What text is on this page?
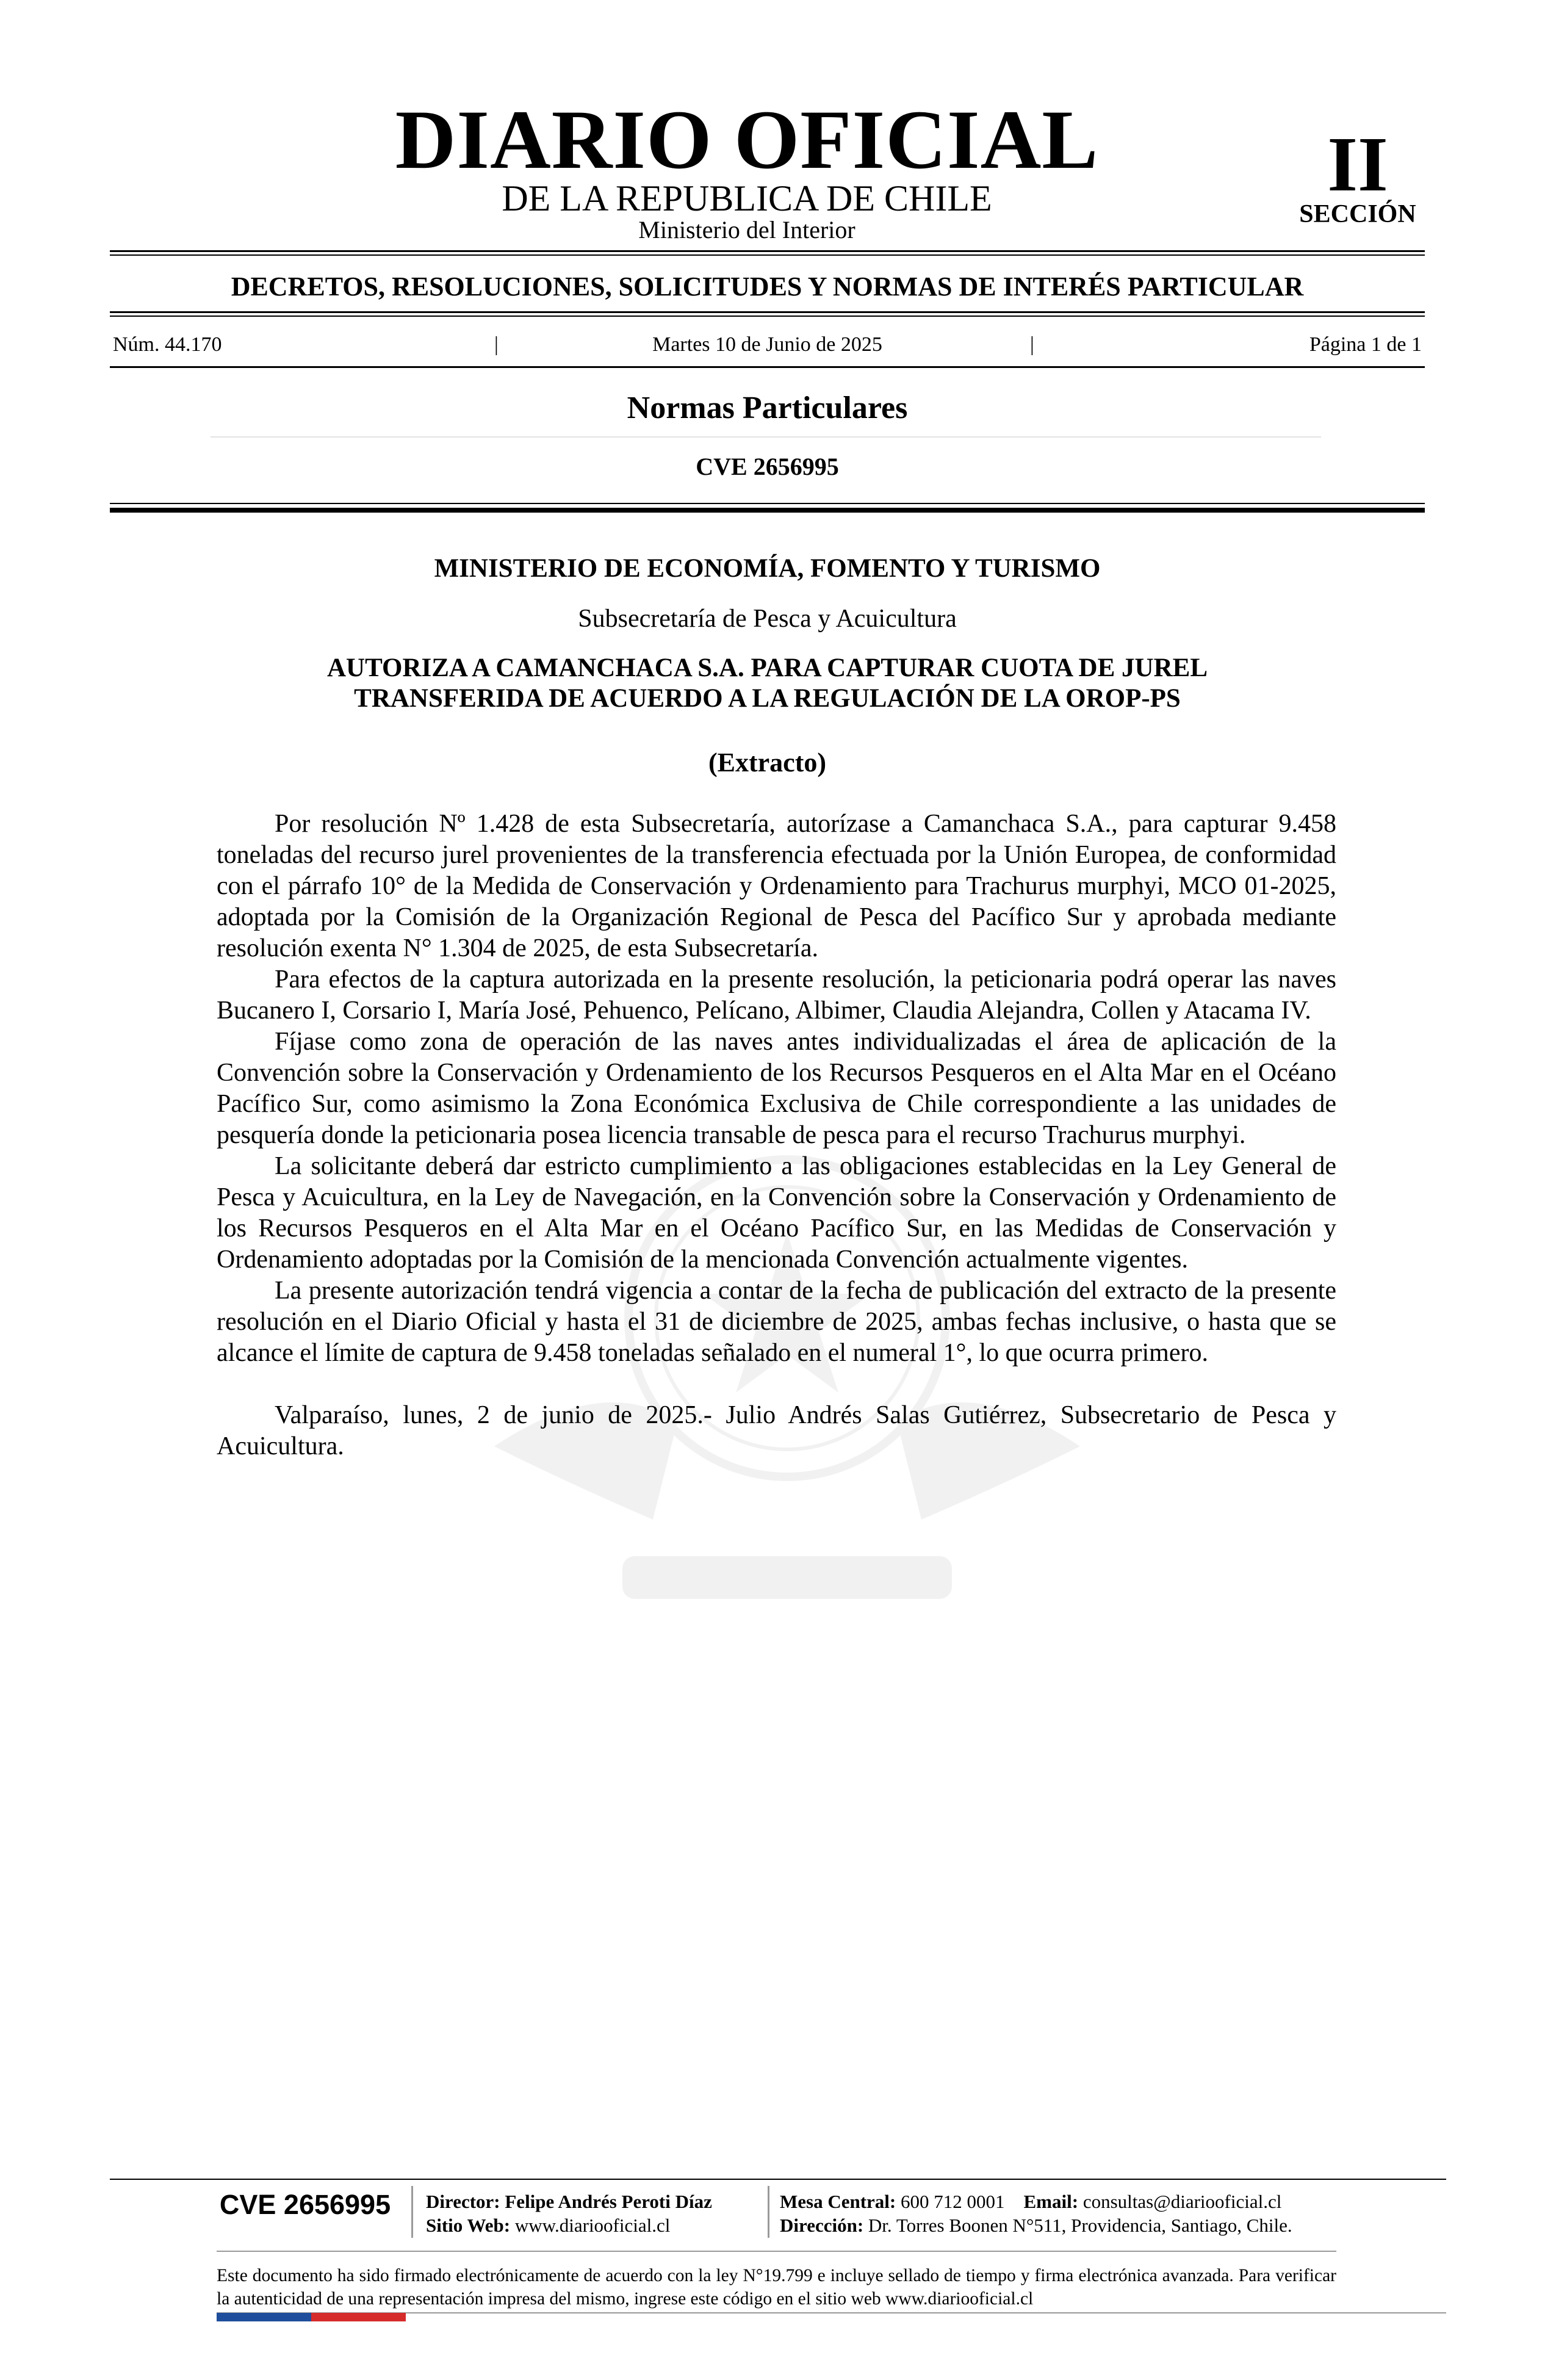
DIARIO OFICIAL
DE LA REPUBLICA DE CHILE
Ministerio del Interior
II
SECCIÓN
DECRETOS, RESOLUCIONES, SOLICITUDES Y NORMAS DE INTERÉS PARTICULAR
Núm. 44.170	|	Martes 10 de Junio de 2025	|	Página 1 de 1
Normas Particulares
CVE 2656995
MINISTERIO DE ECONOMÍA, FOMENTO Y TURISMO
Subsecretaría de Pesca y Acuicultura
AUTORIZA A CAMANCHACA S.A. PARA CAPTURAR CUOTA DE JUREL
TRANSFERIDA DE ACUERDO A LA REGULACIÓN DE LA OROP-PS
(Extracto)

Por resolución Nº 1.428 de esta Subsecretaría, autorízase a Camanchaca S.A., para capturar 9.458 toneladas del recurso jurel provenientes de la transferencia efectuada por la Unión Europea, de conformidad con el párrafo 10° de la Medida de Conservación y Ordenamiento para Trachurus murphyi, MCO 01-2025, adoptada por la Comisión de la Organización Regional de Pesca del Pacífico Sur y aprobada mediante resolución exenta N° 1.304 de 2025, de esta Subsecretaría.

Para efectos de la captura autorizada en la presente resolución, la peticionaria podrá operar las naves Bucanero I, Corsario I, María José, Pehuenco, Pelícano, Albimer, Claudia Alejandra, Collen y Atacama IV.

Fíjase como zona de operación de las naves antes individualizadas el área de aplicación de la Convención sobre la Conservación y Ordenamiento de los Recursos Pesqueros en el Alta Mar en el Océano Pacífico Sur, como asimismo la Zona Económica Exclusiva de Chile correspondiente a las unidades de pesquería donde la peticionaria posea licencia transable de pesca para el recurso Trachurus murphyi.

La solicitante deberá dar estricto cumplimiento a las obligaciones establecidas en la Ley General de Pesca y Acuicultura, en la Ley de Navegación, en la Convención sobre la Conservación y Ordenamiento de los Recursos Pesqueros en el Alta Mar en el Océano Pacífico Sur, en las Medidas de Conservación y Ordenamiento adoptadas por la Comisión de la mencionada Convención actualmente vigentes.

La presente autorización tendrá vigencia a contar de la fecha de publicación del extracto de la presente resolución en el Diario Oficial y hasta el 31 de diciembre de 2025, ambas fechas inclusive, o hasta que se alcance el límite de captura de 9.458 toneladas señalado en el numeral 1°, lo que ocurra primero.

Valparaíso, lunes, 2 de junio de 2025.- Julio Andrés Salas Gutiérrez, Subsecretario de Pesca y Acuicultura.

CVE 2656995	Director: Felipe Andrés Peroti Díaz
Sitio Web: www.diariooficial.cl
Mesa Central: 600 712 0001 Email: consultas@diariooficial.cl
Dirección: Dr. Torres Boonen N°511, Providencia, Santiago, Chile.
Este documento ha sido firmado electrónicamente de acuerdo con la ley N°19.799 e incluye sellado de tiempo y firma electrónica avanzada. Para verificar la autenticidad de una representación impresa del mismo, ingrese este código en el sitio web www.diariooficial.cl
